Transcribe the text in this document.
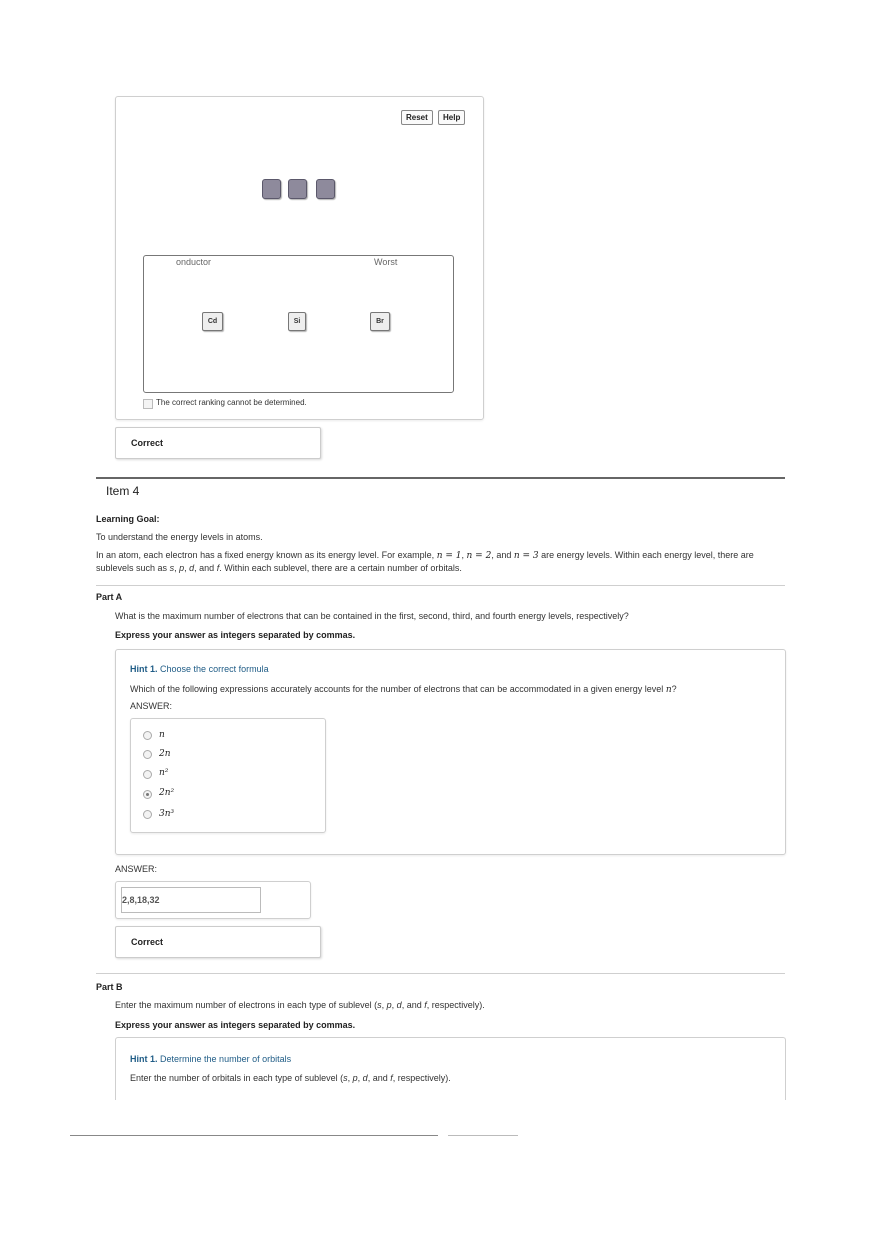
Reset	Help
onductor	Worst
Cd	Si	Br
The correct ranking cannot be determined.
Correct
Item 4
Learning Goal:
To understand the energy levels in atoms.
In an atom, each electron has a fixed energy known as its energy level. For example, n = 1, n = 2, and n = 3 are energy levels. Within each energy level, there are
sublevels such as s, p, d, and f. Within each sublevel, there are a certain number of orbitals.
Part A
What is the maximum number of electrons that can be contained in the first, second, third, and fourth energy levels, respectively?
Express your answer as integers separated by commas.
Hint 1. Choose the correct formula
Which of the following expressions accurately accounts for the number of electrons that can be accommodated in a given energy level n?
ANSWER:
n
2n
n²
2n²
3n³
ANSWER:
2,8,18,32
Correct
Part B
Enter the maximum number of electrons in each type of sublevel (s, p, d, and f, respectively).
Express your answer as integers separated by commas.
Hint 1. Determine the number of orbitals
Enter the number of orbitals in each type of sublevel (s, p, d, and f, respectively).
